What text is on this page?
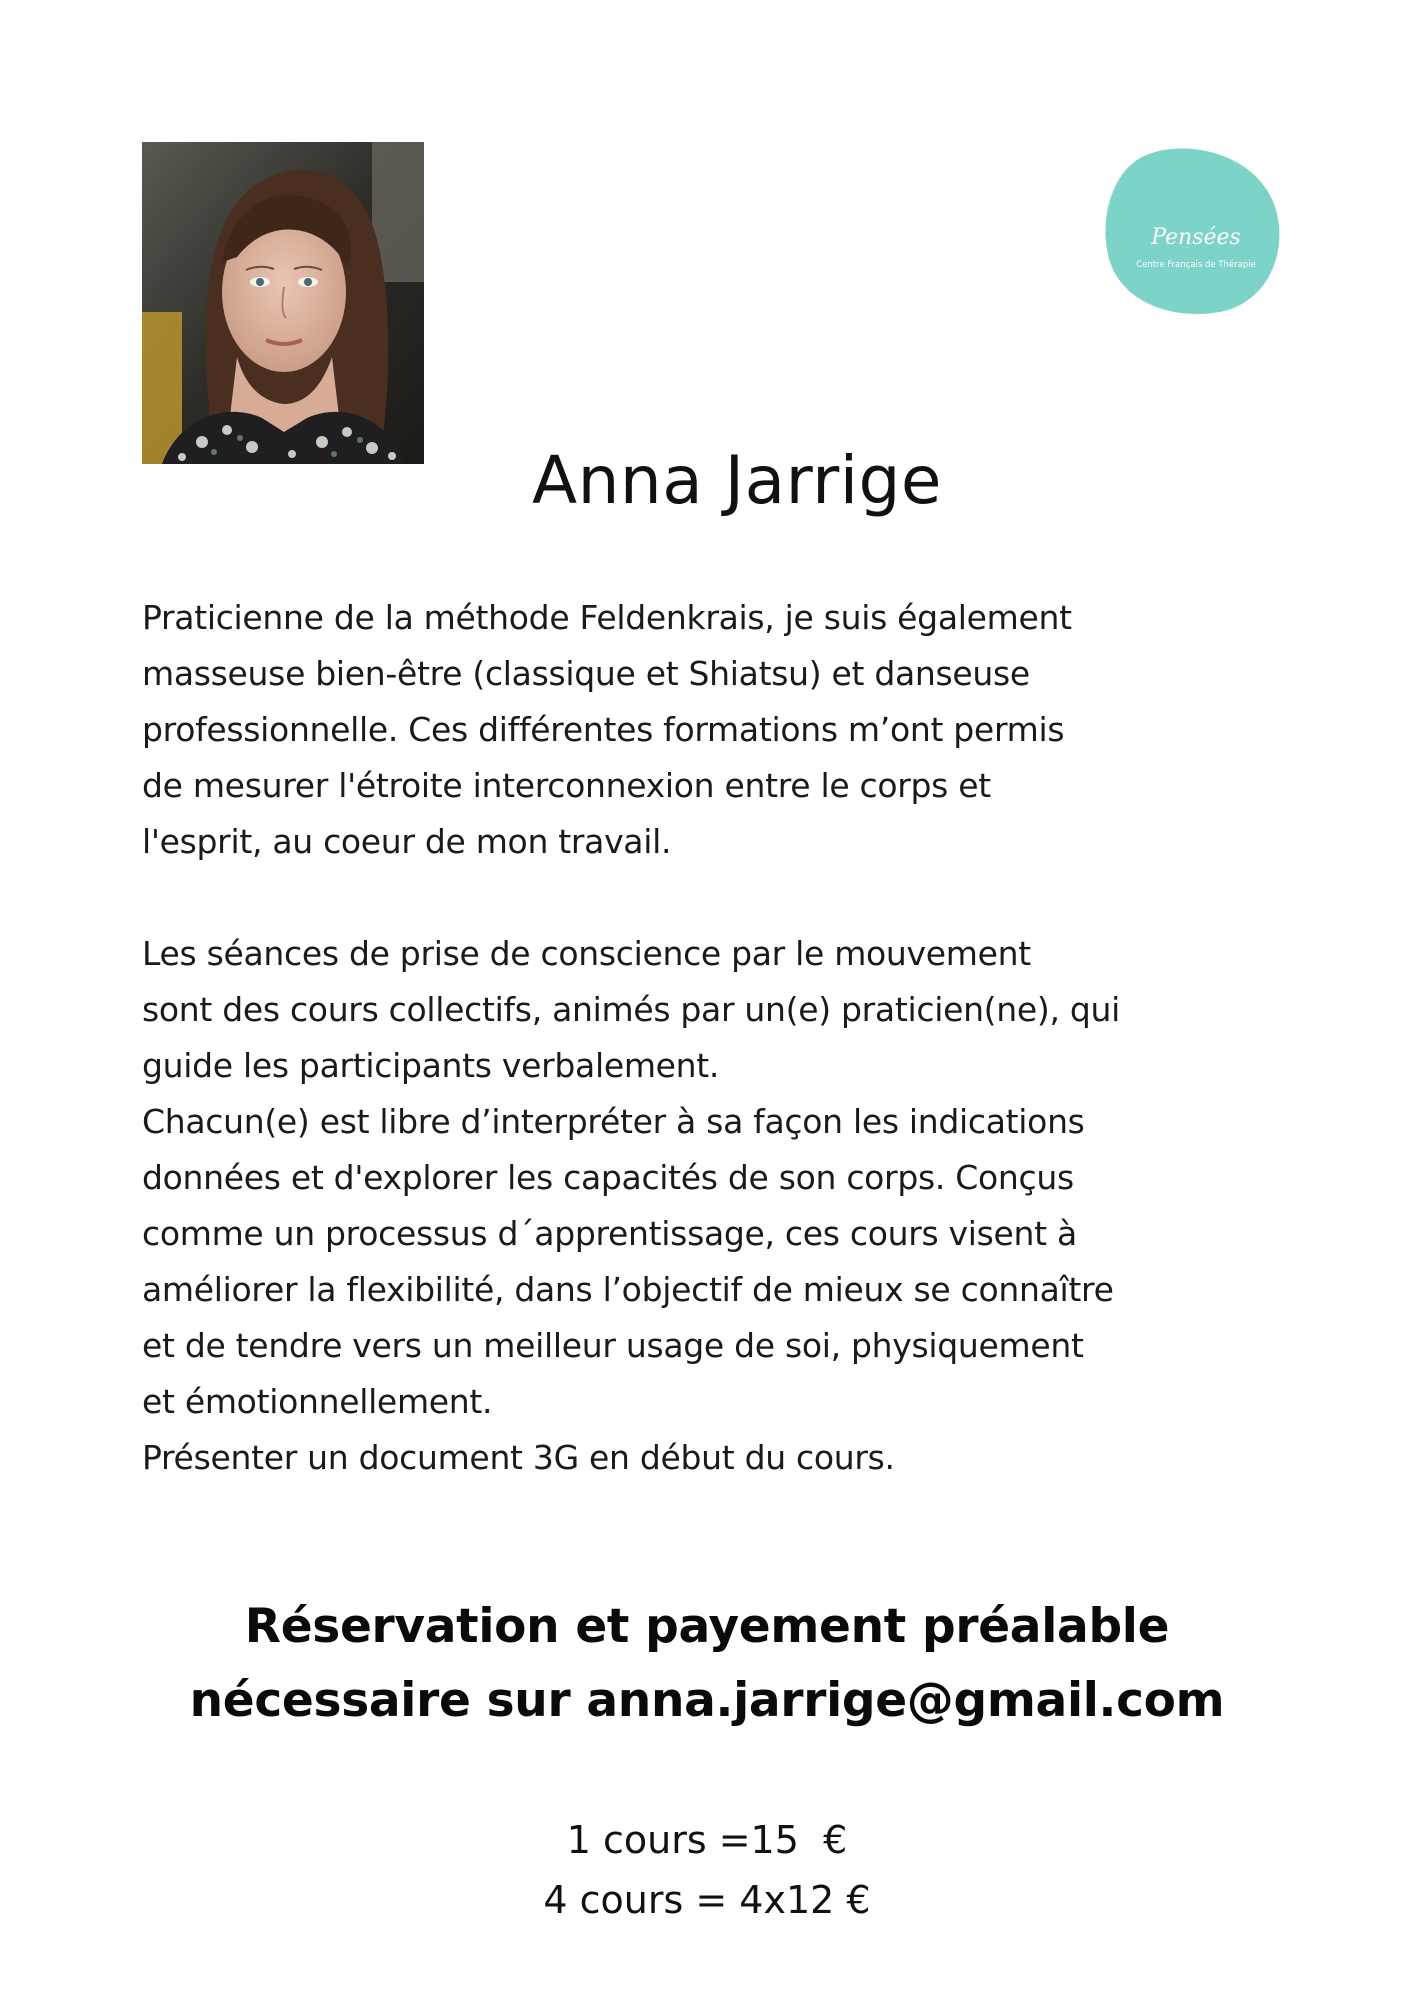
Pensées
Centre Français de Thérapie
Anna Jarrige
Praticienne de la méthode Feldenkrais, je suis également
masseuse bien-être (classique et Shiatsu) et danseuse
professionnelle. Ces différentes formations m’ont permis
de mesurer l'étroite interconnexion entre le corps et
l'esprit, au coeur de mon travail.
Les séances de prise de conscience par le mouvement
sont des cours collectifs, animés par un(e) praticien(ne), qui
guide les participants verbalement.
Chacun(e) est libre d’interpréter à sa façon les indications
données et d'explorer les capacités de son corps. Conçus
comme un processus d´apprentissage, ces cours visent à
améliorer la flexibilité, dans l’objectif de mieux se connaître
et de tendre vers un meilleur usage de soi, physiquement
et émotionnellement.
Présenter un document 3G en début du cours.
Réservation et payement préalable
nécessaire sur anna.jarrige@gmail.com
1 cours =15  €
4 cours = 4x12 €
